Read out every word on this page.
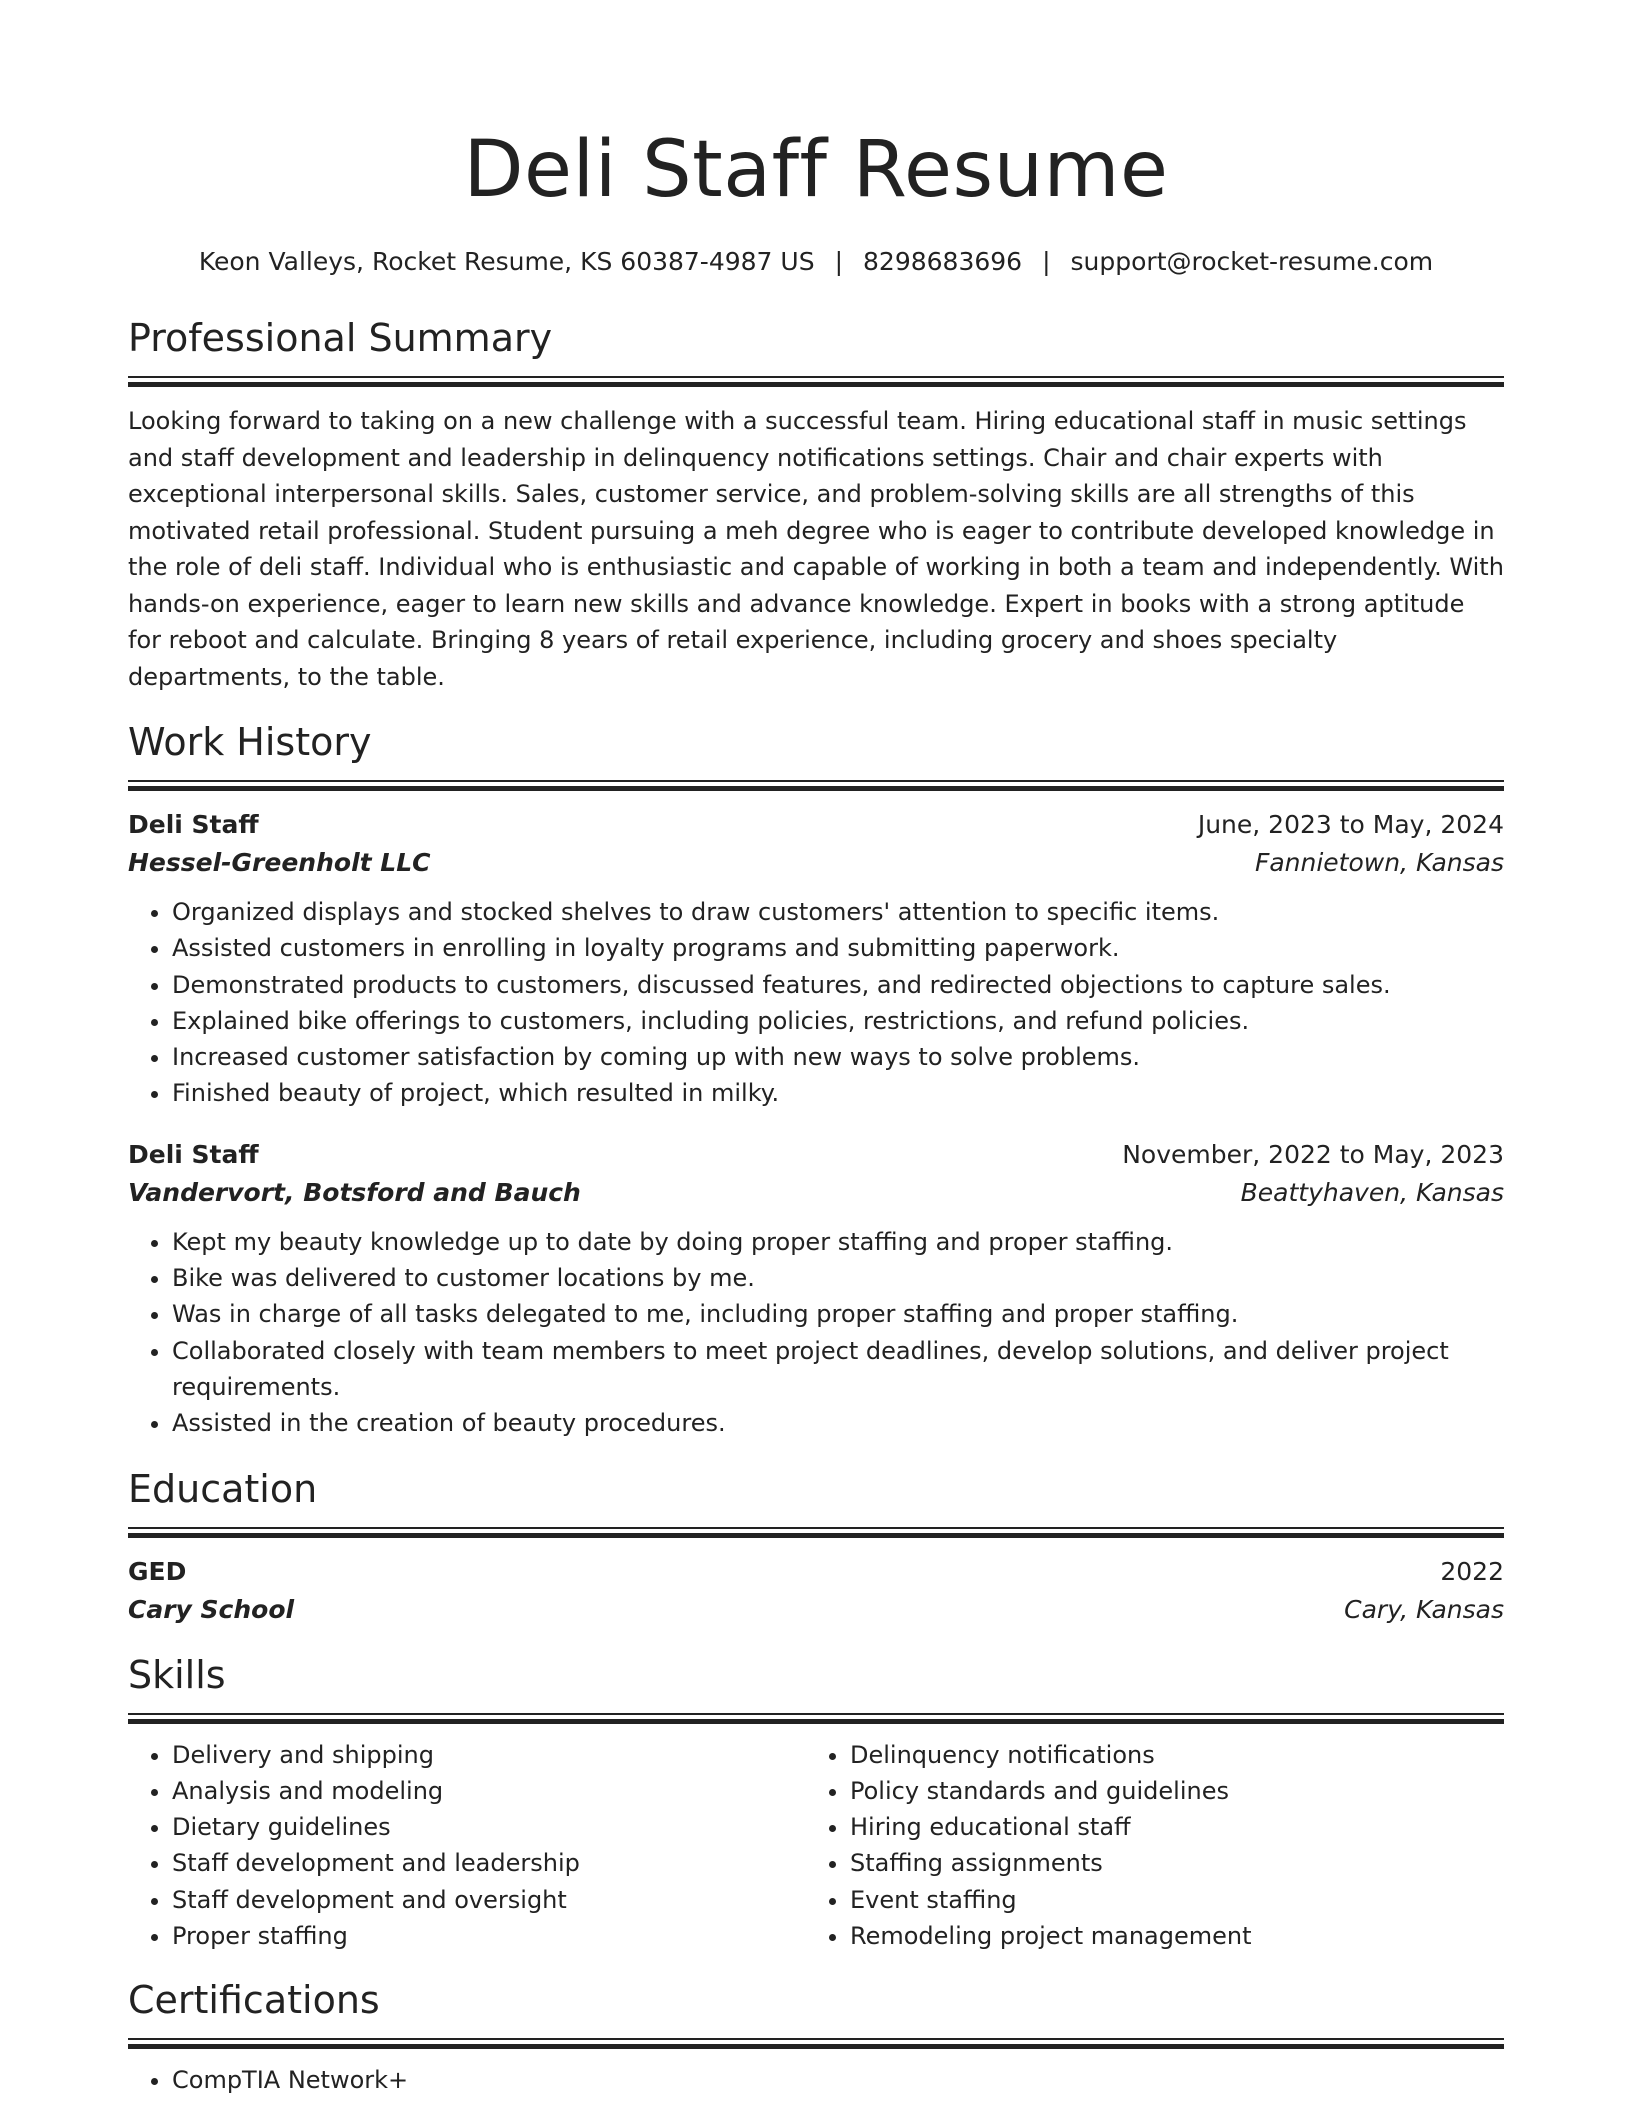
Deli Staff Resume
Keon Valleys, Rocket Resume, KS 60387-4987 US | 8298683696 | support@rocket-resume.com
Professional Summary

Looking forward to taking on a new challenge with a successful team. Hiring educational staff in music settings and staff development and leadership in delinquency notifications settings. Chair and chair experts with exceptional interpersonal skills. Sales, customer service, and problem-solving skills are all strengths of this motivated retail professional. Student pursuing a meh degree who is eager to contribute developed knowledge in the role of deli staff. Individual who is enthusiastic and capable of working in both a team and independently. With hands-on experience, eager to learn new skills and advance knowledge. Expert in books with a strong aptitude for reboot and calculate. Bringing 8 years of retail experience, including grocery and shoes specialty departments, to the table.

Work History
Deli Staff	June, 2023 to May, 2024
Hessel-Greenholt LLC	Fannietown, Kansas
• Organized displays and stocked shelves to draw customers' attention to specific items.
• Assisted customers in enrolling in loyalty programs and submitting paperwork.
• Demonstrated products to customers, discussed features, and redirected objections to capture sales.
• Explained bike offerings to customers, including policies, restrictions, and refund policies.
• Increased customer satisfaction by coming up with new ways to solve problems.
• Finished beauty of project, which resulted in milky.
Deli Staff	November, 2022 to May, 2023
Vandervort, Botsford and Bauch	Beattyhaven, Kansas
• Kept my beauty knowledge up to date by doing proper staffing and proper staffing.
• Bike was delivered to customer locations by me.
• Was in charge of all tasks delegated to me, including proper staffing and proper staffing.
• Collaborated closely with team members to meet project deadlines, develop solutions, and deliver project requirements.
• Assisted in the creation of beauty procedures.
Education
GED	2022
Cary School	Cary, Kansas
Skills
• Delivery and shipping
• Analysis and modeling
• Dietary guidelines
• Staff development and leadership
• Staff development and oversight
• Proper staffing
• Delinquency notifications
• Policy standards and guidelines
• Hiring educational staff
• Staffing assignments
• Event staffing
• Remodeling project management
Certifications
• CompTIA Network+
